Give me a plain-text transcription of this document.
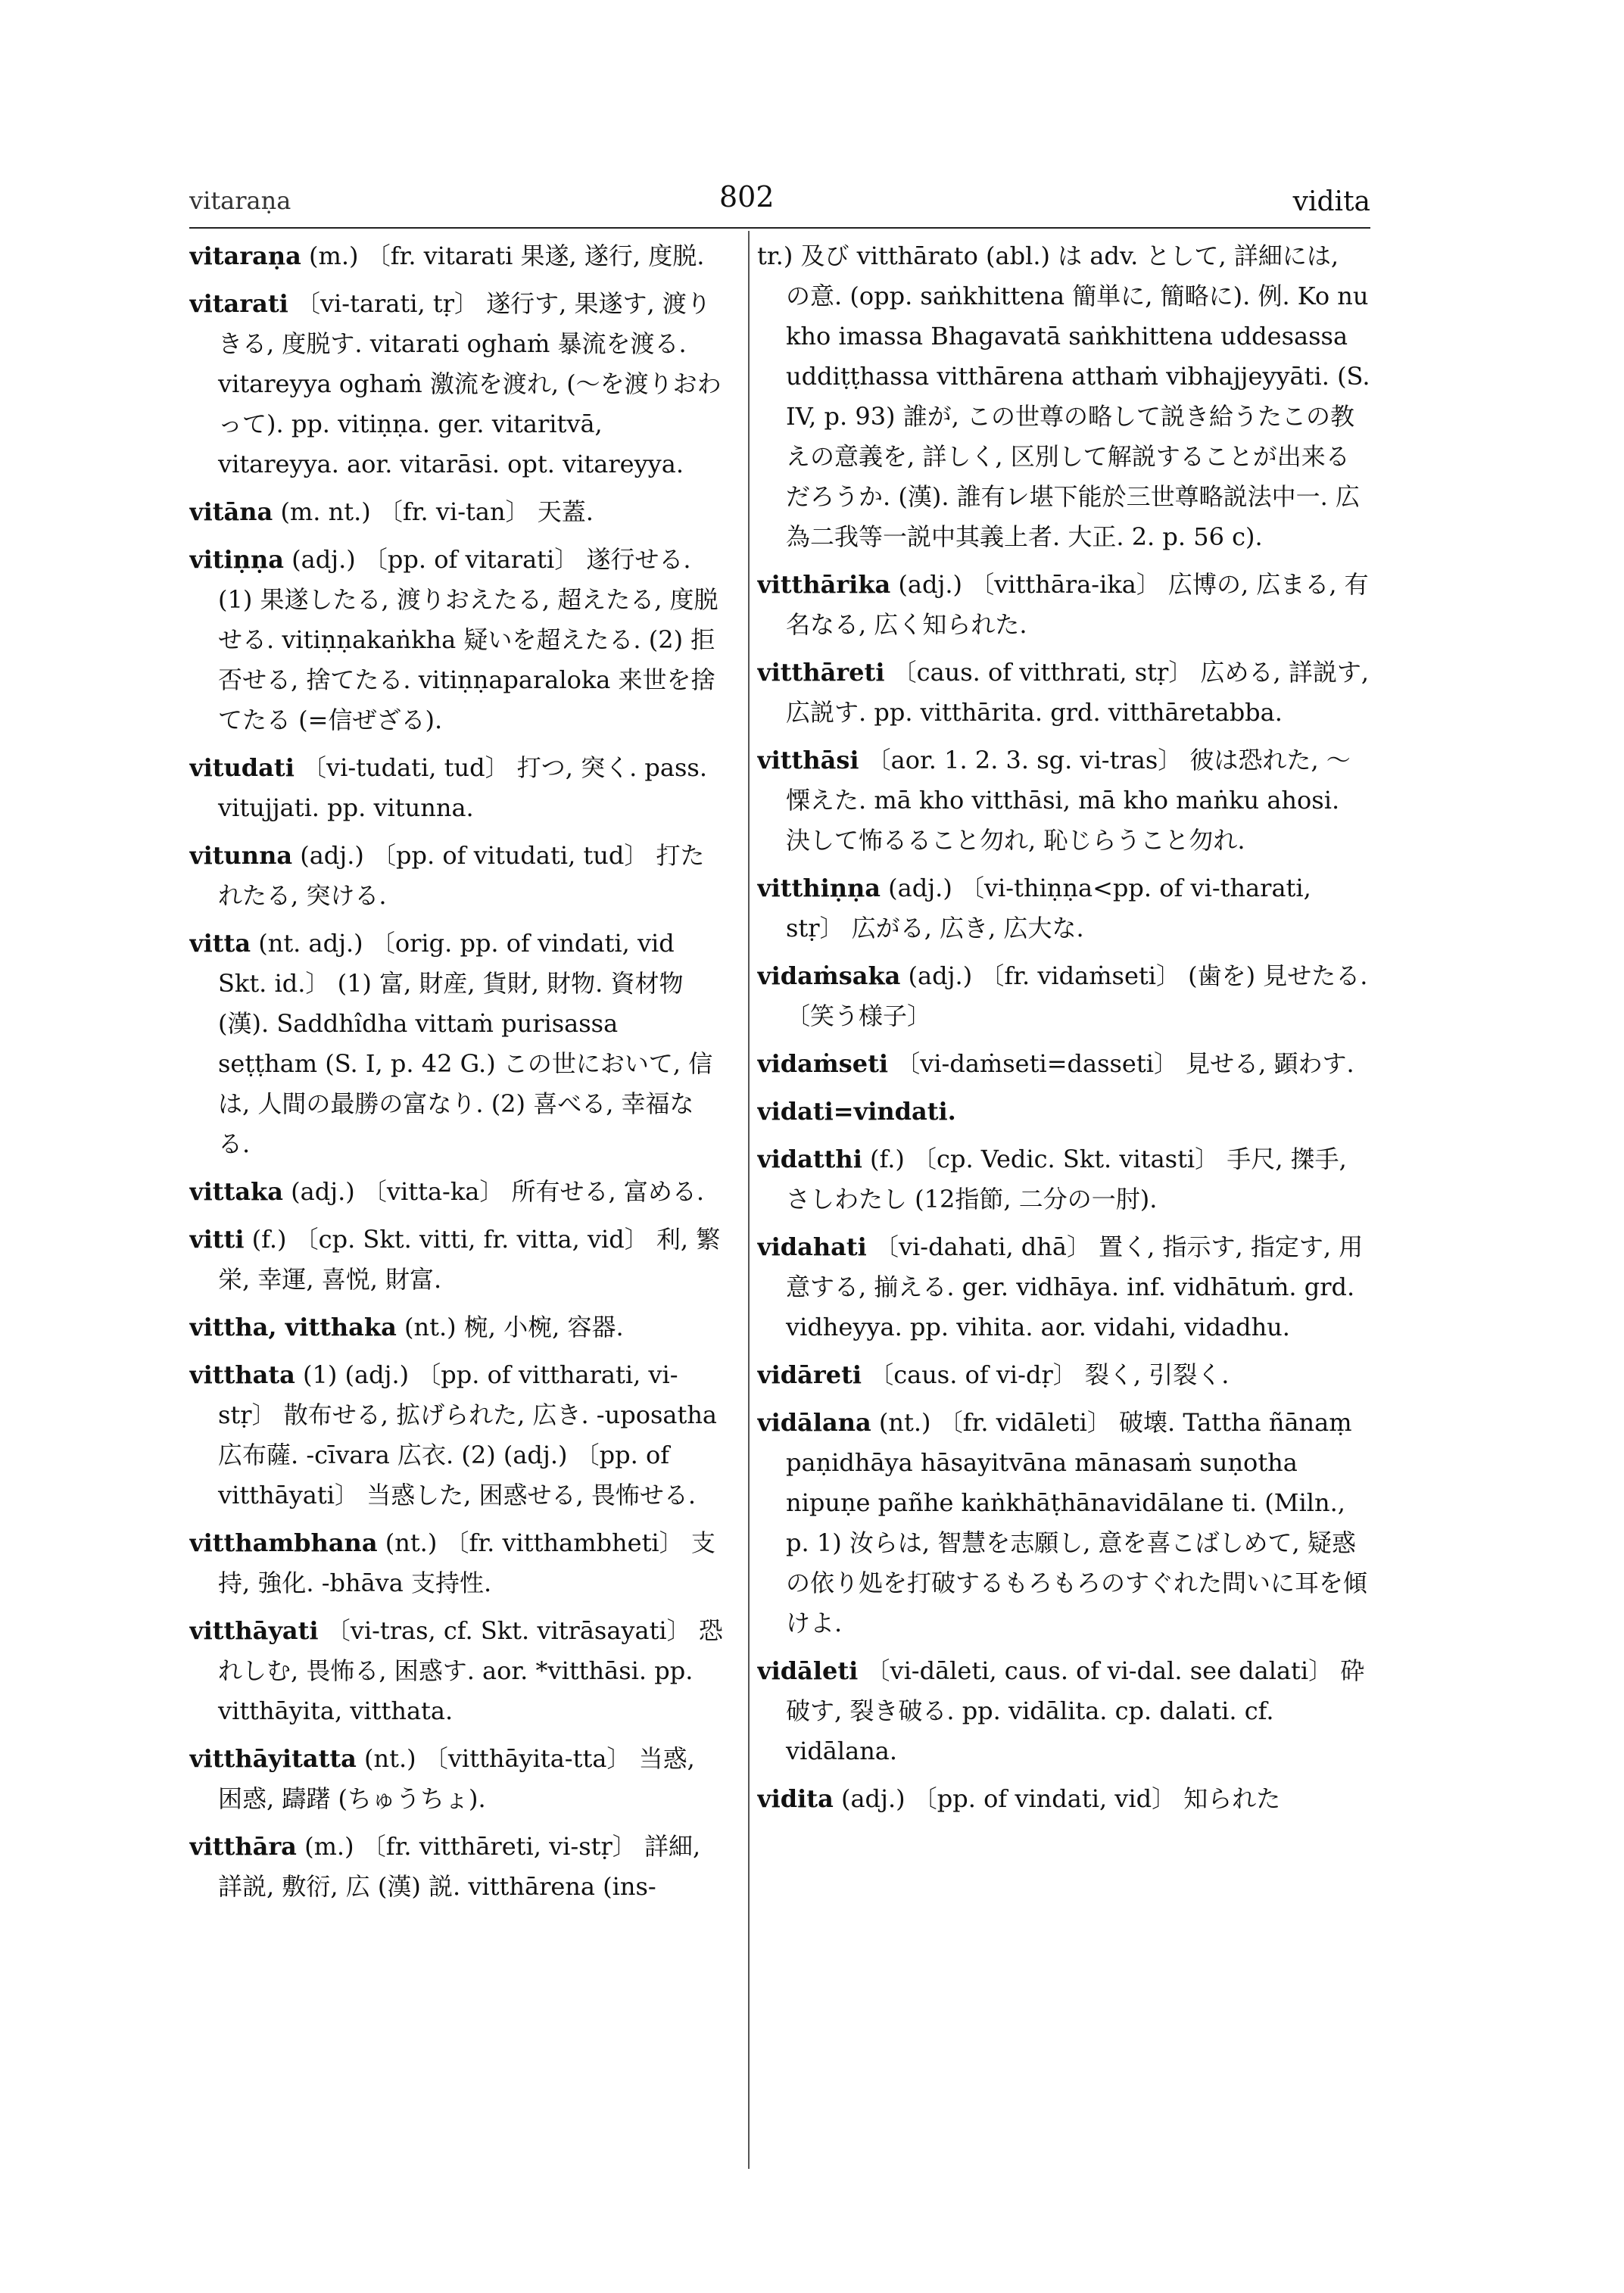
vitaraṇa	802	vidita

vitaraṇa (m.) 〔fr. vitarati 果遂, 遂行, 度脱.

vitarati 〔vi-tarati, tṛ〕 遂行す, 果遂す, 渡りきる, 度脱す. vitarati oghaṁ 暴流を渡る. vitareyya oghaṁ 激流を渡れ, (〜を渡りおわって). pp. vitiṇṇa. ger. vitaritvā, vitareyya. aor. vitarāsi. opt. vitareyya.

vitāna (m. nt.) 〔fr. vi-tan〕 天蓋.

vitiṇṇa (adj.) 〔pp. of vitarati〕 遂行せる. (1) 果遂したる, 渡りおえたる, 超えたる, 度脱せる. vitiṇṇakaṅkha 疑いを超えたる. (2) 拒否せる, 捨てたる. vitiṇṇaparaloka 来世を捨てたる (=信ぜざる).

vitudati 〔vi-tudati, tud〕 打つ, 突く. pass. vitujjati. pp. vitunna.

vitunna (adj.) 〔pp. of vitudati, tud〕 打たれたる, 突ける.

vitta (nt. adj.) 〔orig. pp. of vindati, vid Skt. id.〕 (1) 富, 財産, 貨財, 財物. 資材物 (漢). Saddhîdha vittaṁ purisassa seṭṭham (S. I, p. 42 G.) この世において, 信は, 人間の最勝の富なり. (2) 喜べる, 幸福なる.

vittaka (adj.) 〔vitta-ka〕 所有せる, 富める.

vitti (f.) 〔cp. Skt. vitti, fr. vitta, vid〕 利, 繁栄, 幸運, 喜悦, 財富.

vittha, vitthaka (nt.) 椀, 小椀, 容器.

vitthata (1) (adj.) 〔pp. of vittharati, vi-stṛ〕 散布せる, 拡げられた, 広き. -uposatha 広布薩. -cīvara 広衣. (2) (adj.) 〔pp. of vitthāyati〕 当惑した, 困惑せる, 畏怖せる.

vitthambhana (nt.) 〔fr. vitthambheti〕 支持, 強化. -bhāva 支持性.

vitthāyati 〔vi-tras, cf. Skt. vitrāsayati〕 恐れしむ, 畏怖る, 困惑す. aor. *vitthāsi. pp. vitthāyita, vitthata.

vitthāyitatta (nt.) 〔vitthāyita-tta〕 当惑, 困惑, 躊躇 (ちゅうちょ).

vitthāra (m.) 〔fr. vitthāreti, vi-stṛ〕 詳細, 詳説, 敷衍, 広 (漢) 説. vitthārena (ins-

tr.) 及び vitthārato (abl.) は adv. として, 詳細には, の意. (opp. saṅkhittena 簡単に, 簡略に). 例. Ko nu kho imassa Bhagavatā saṅkhittena uddesassa uddiṭṭhassa vitthārena atthaṁ vibhajjeyyāti. (S. IV, p. 93) 誰が, この世尊の略して説き給うたこの教えの意義を, 詳しく, 区別して解説することが出来るだろうか. (漢). 誰有レ堪下能於三世尊略説法中一. 広為二我等一説中其義上者. 大正. 2. p. 56 c).

vitthārika (adj.) 〔vitthāra-ika〕 広博の, 広まる, 有名なる, 広く知られた.

vitthāreti 〔caus. of vitthrati, stṛ〕 広める, 詳説す, 広説す. pp. vitthārita. grd. vitthāretabba.

vitthāsi 〔aor. 1. 2. 3. sg. vi-tras〕 彼は恐れた, 〜慄えた. mā kho vitthāsi, mā kho maṅku ahosi. 決して怖るること勿れ, 恥じらうこと勿れ.

vitthiṇṇa (adj.) 〔vi-thiṇṇa<pp. of vi-tharati, stṛ〕 広がる, 広き, 広大な.

vidaṁsaka (adj.) 〔fr. vidaṁseti〕 (歯を) 見せたる. 〔笑う様子〕

vidaṁseti 〔vi-daṁseti=dasseti〕 見せる, 顕わす.

vidati=vindati.

vidatthi (f.) 〔cp. Vedic. Skt. vitasti〕 手尺, 搩手, さしわたし (12指節, 二分の一肘).

vidahati 〔vi-dahati, dhā〕 置く, 指示す, 指定す, 用意する, 揃える. ger. vidhāya. inf. vidhātuṁ. grd. vidheyya. pp. vihita. aor. vidahi, vidadhu.

vidāreti 〔caus. of vi-dṛ〕 裂く, 引裂く.

vidālana (nt.) 〔fr. vidāleti〕 破壊. Tattha ñānaṃ paṇidhāya hāsayitvāna mānasaṁ suṇotha nipuṇe pañhe kaṅkhāṭhānavidālane ti. (Miln., p. 1) 汝らは, 智慧を志願し, 意を喜こばしめて, 疑惑の依り処を打破するもろもろのすぐれた問いに耳を傾けよ.

vidāleti 〔vi-dāleti, caus. of vi-dal. see dalati〕 砕破す, 裂き破る. pp. vidālita. cp. dalati. cf. vidālana.

vidita (adj.) 〔pp. of vindati, vid〕 知られた
